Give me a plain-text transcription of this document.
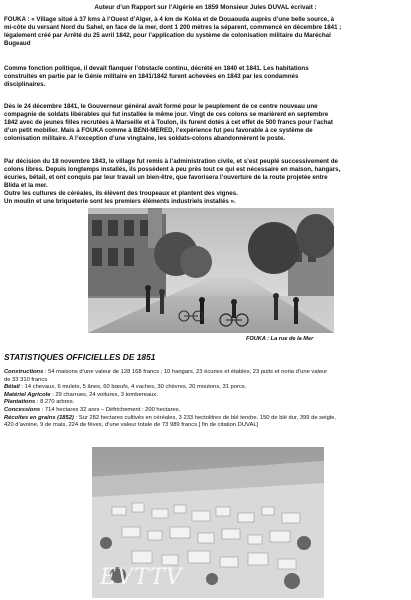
Auteur d’un Rapport sur l’Algérie en 1859 Monsieur Jules DUVAL écrivait :
FOUKA : « Village situé à 37 kms à l’Ouest d’Alger, à 4 km de Koléa et de Douaouda auprès d’une belle source, à
mi-côte du versant Nord du Sahel, en face de la mer, dont 1 200 mètres la séparent, commencé en décembre 1841 ;
légalement créé par Arrêté du 25 avril 1842, pour l’application du système de colonisation militaire du Maréchal
Bugeaud
Comme fonction politique, il devait flanquer l’obstacle continu, décrété en 1840 et 1841. Les habitations
construites en partie par le Génie militaire en 1841/1842 furent achevées en 1843 par les condamnés
disciplinaires.
Dès le 24 décembre 1841, le Gouverneur général avait formé pour le peuplement de ce centre nouveau une
compagnie de soldats libérables qui fut installée le même jour. Vingt de ces colons se marièrent en septembre
1842 avec de jeunes filles recrutées à Marseille et à Toulon, ils furent dotés à cet effet de 500 francs pour l’achat
d’un petit mobilier. Mais à FOUKA comme à BENI-MERED, l’expérience fut peu favorable à ce système de
colonisation militaire. A l’exception d’une vingtaine, les soldats-colons abandonnèrent le poste.
Par décision du 18 novembre 1843, le village fut remis à l’administration civile, et s’est peuplé successivement de
colons libres. Depuis longtemps installés, ils possèdent à peu près tout ce qui est nécessaire en maison, hangars,
écuries, bétail, et ont conquis par leur travail un bien-être, que favorisera l’ouverture de la route projetée entre
Blida et la mer.
Outre les cultures de céréales, ils élèvent des troupeaux et plantent des vignes.
Un moulin et une briqueterie sont les premiers éléments industriels installés ».
FOUKA : La rue de la Mer
STATISTIQUES OFFICIELLES DE 1851
Constructions : 54 maisons d’une valeur de 128 168 francs ; 10 hangars, 23 écuries et étables, 23 puits et noria d’une valeur
de 33 310 francs.
Bétail : 14 chevaux, 6 mulets, 5 ânes, 60 bœufs, 4 vaches, 30 chèvres, 20 moutons, 31 porcs.
Matériel Agricole : 29 charrues, 24 voitures, 3 tombereaux.
Plantations : 8 270 arbres.
Concessions : 714 hectares 32 ares – Défrichement : 200 hectares.
Récoltes en grains (1852) : Sur 282 hectares cultivés en céréales, 3 233 hectolitres de blé tendre, 150 de blé dur, 399 de seigle,
420 d’avoine, 9 de mais, 224 de fèves, d’une valeur totale de 73 989 francs.[ fin de citation DUVAL]
EVTTV
